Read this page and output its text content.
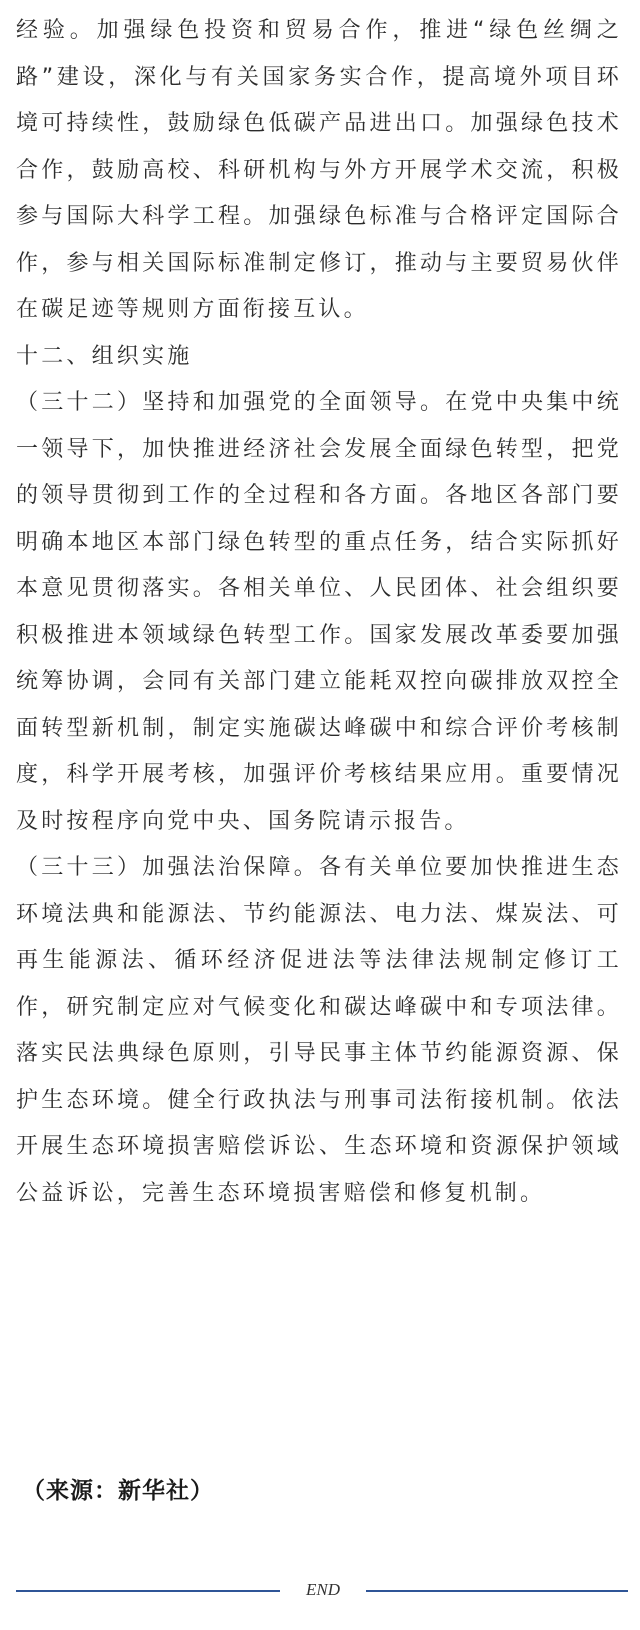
经验。加强绿色投资和贸易合作，推进“绿色丝绸之路”建设，深化与有关国家务实合作，提高境外项目环境可持续性，鼓励绿色低碳产品进出口。加强绿色技术合作，鼓励高校、科研机构与外方开展学术交流，积极参与国际大科学工程。加强绿色标准与合格评定国际合作，参与相关国际标准制定修订，推动与主要贸易伙伴在碳足迹等规则方面衔接互认。

十二、组织实施

（三十二）坚持和加强党的全面领导。在党中央集中统一领导下，加快推进经济社会发展全面绿色转型，把党的领导贯彻到工作的全过程和各方面。各地区各部门要明确本地区本部门绿色转型的重点任务，结合实际抓好本意见贯彻落实。各相关单位、人民团体、社会组织要积极推进本领域绿色转型工作。国家发展改革委要加强统筹协调，会同有关部门建立能耗双控向碳排放双控全面转型新机制，制定实施碳达峰碳中和综合评价考核制度，科学开展考核，加强评价考核结果应用。重要情况及时按程序向党中央、国务院请示报告。

（三十三）加强法治保障。各有关单位要加快推进生态环境法典和能源法、节约能源法、电力法、煤炭法、可再生能源法、循环经济促进法等法律法规制定修订工作，研究制定应对气候变化和碳达峰碳中和专项法律。落实民法典绿色原则，引导民事主体节约能源资源、保护生态环境。健全行政执法与刑事司法衔接机制。依法开展生态环境损害赔偿诉讼、生态环境和资源保护领域公益诉讼，完善生态环境损害赔偿和修复机制。

（来源：新华社）

END
